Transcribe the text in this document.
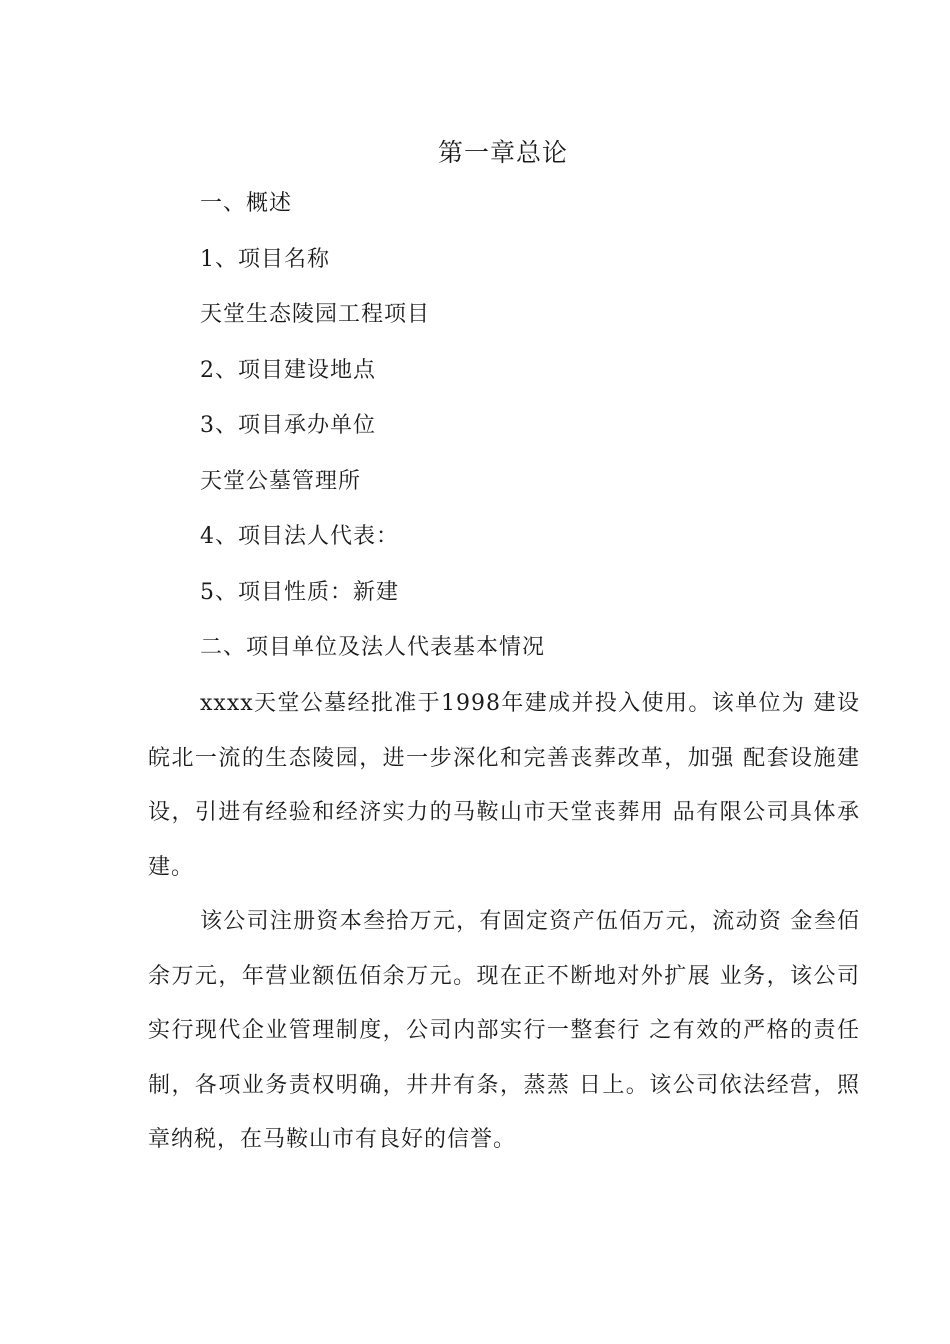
第一章总论
一、概述
1、项目名称
天堂生态陵园工程项目
2、项目建设地点
3、项目承办单位
天堂公墓管理所
4、项目法人代表：
5、项目性质：新建
二、项目单位及法人代表基本情况

xxxx天堂公墓经批准于1998年建成并投入使用。该单位为 建设皖北一流的生态陵园，进一步深化和完善丧葬改革，加强 配套设施建设，引进有经验和经济实力的马鞍山市天堂丧葬用 品有限公司具体承建。

该公司注册资本叁拾万元，有固定资产伍佰万元，流动资 金叁佰余万元，年营业额伍佰余万元。现在正不断地对外扩展 业务，该公司实行现代企业管理制度，公司内部实行一整套行 之有效的严格的责任制，各项业务责权明确，井井有条，蒸蒸 日上。该公司依法经营，照章纳税，在马鞍山市有良好的信誉。
